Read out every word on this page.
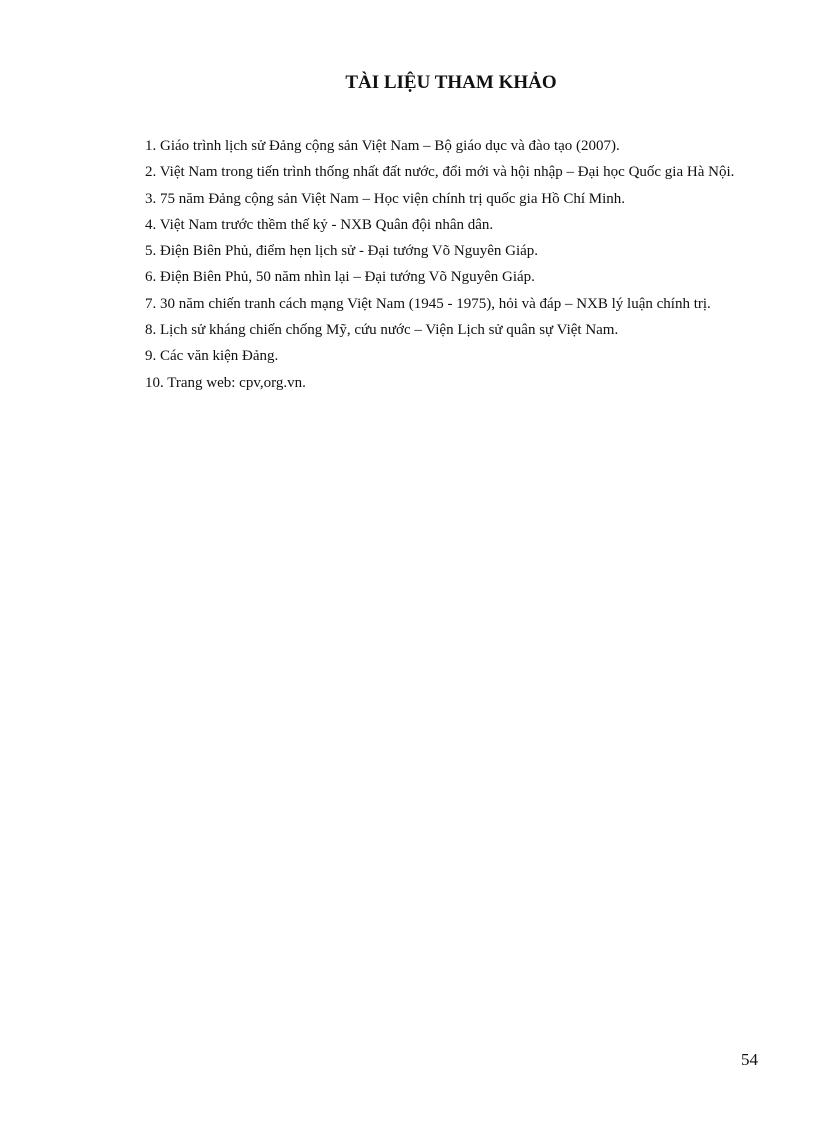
TÀI LIỆU THAM KHẢO

1. Giáo trình lịch sử Đảng cộng sản Việt Nam – Bộ giáo dục và đào tạo (2007).

2. Việt Nam trong tiến trình thống nhất đất nước, đổi mới và hội nhập – Đại học Quốc gia Hà Nội.

3. 75 năm Đảng cộng sản Việt Nam – Học viện chính trị quốc gia Hồ Chí Minh.

4. Việt Nam trước thềm thế kỷ - NXB Quân đội nhân dân.

5. Điện Biên Phủ, điểm hẹn lịch sử - Đại tướng Võ Nguyên Giáp.

6. Điện Biên Phủ, 50 năm nhìn lại – Đại tướng Võ Nguyên Giáp.

7. 30 năm chiến tranh cách mạng Việt Nam (1945 - 1975), hỏi và đáp – NXB lý luận chính trị.

8. Lịch sử kháng chiến chống Mỹ, cứu nước – Viện Lịch sử quân sự Việt Nam.

9. Các văn kiện Đảng.

10. Trang web: cpv,org.vn.

54
